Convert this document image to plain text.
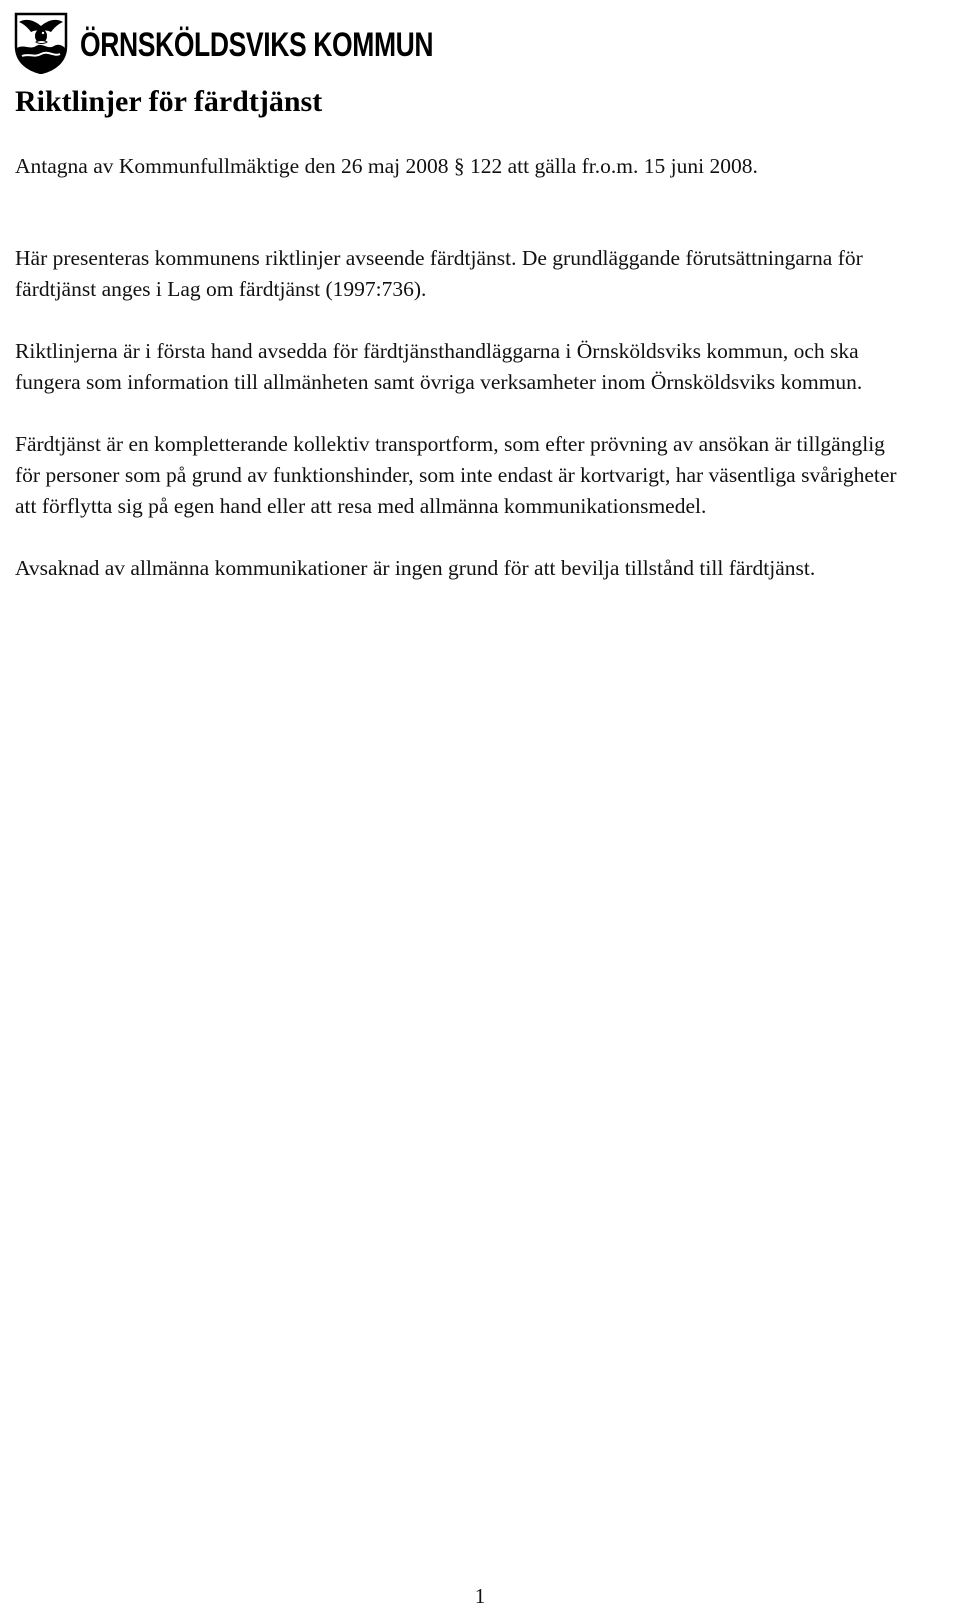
ÖRNSKÖLDSVIKS KOMMUN
Riktlinjer för färdtjänst

Antagna av Kommunfullmäktige den 26 maj 2008 § 122 att gälla fr.o.m. 15 juni 2008.

Här presenteras kommunens riktlinjer avseende färdtjänst. De grundläggande förutsättningarna för färdtjänst anges i Lag om färdtjänst (1997:736).

Riktlinjerna är i första hand avsedda för färdtjänsthandläggarna i Örnsköldsviks kommun, och ska fungera som information till allmänheten samt övriga verksamheter inom Örnsköldsviks kommun.

Färdtjänst är en kompletterande kollektiv transportform, som efter prövning av ansökan är tillgänglig för personer som på grund av funktionshinder, som inte endast är kortvarigt, har väsentliga svårigheter att förflytta sig på egen hand eller att resa med allmänna kommunikationsmedel.

Avsaknad av allmänna kommunikationer är ingen grund för att bevilja tillstånd till färdtjänst.

1
